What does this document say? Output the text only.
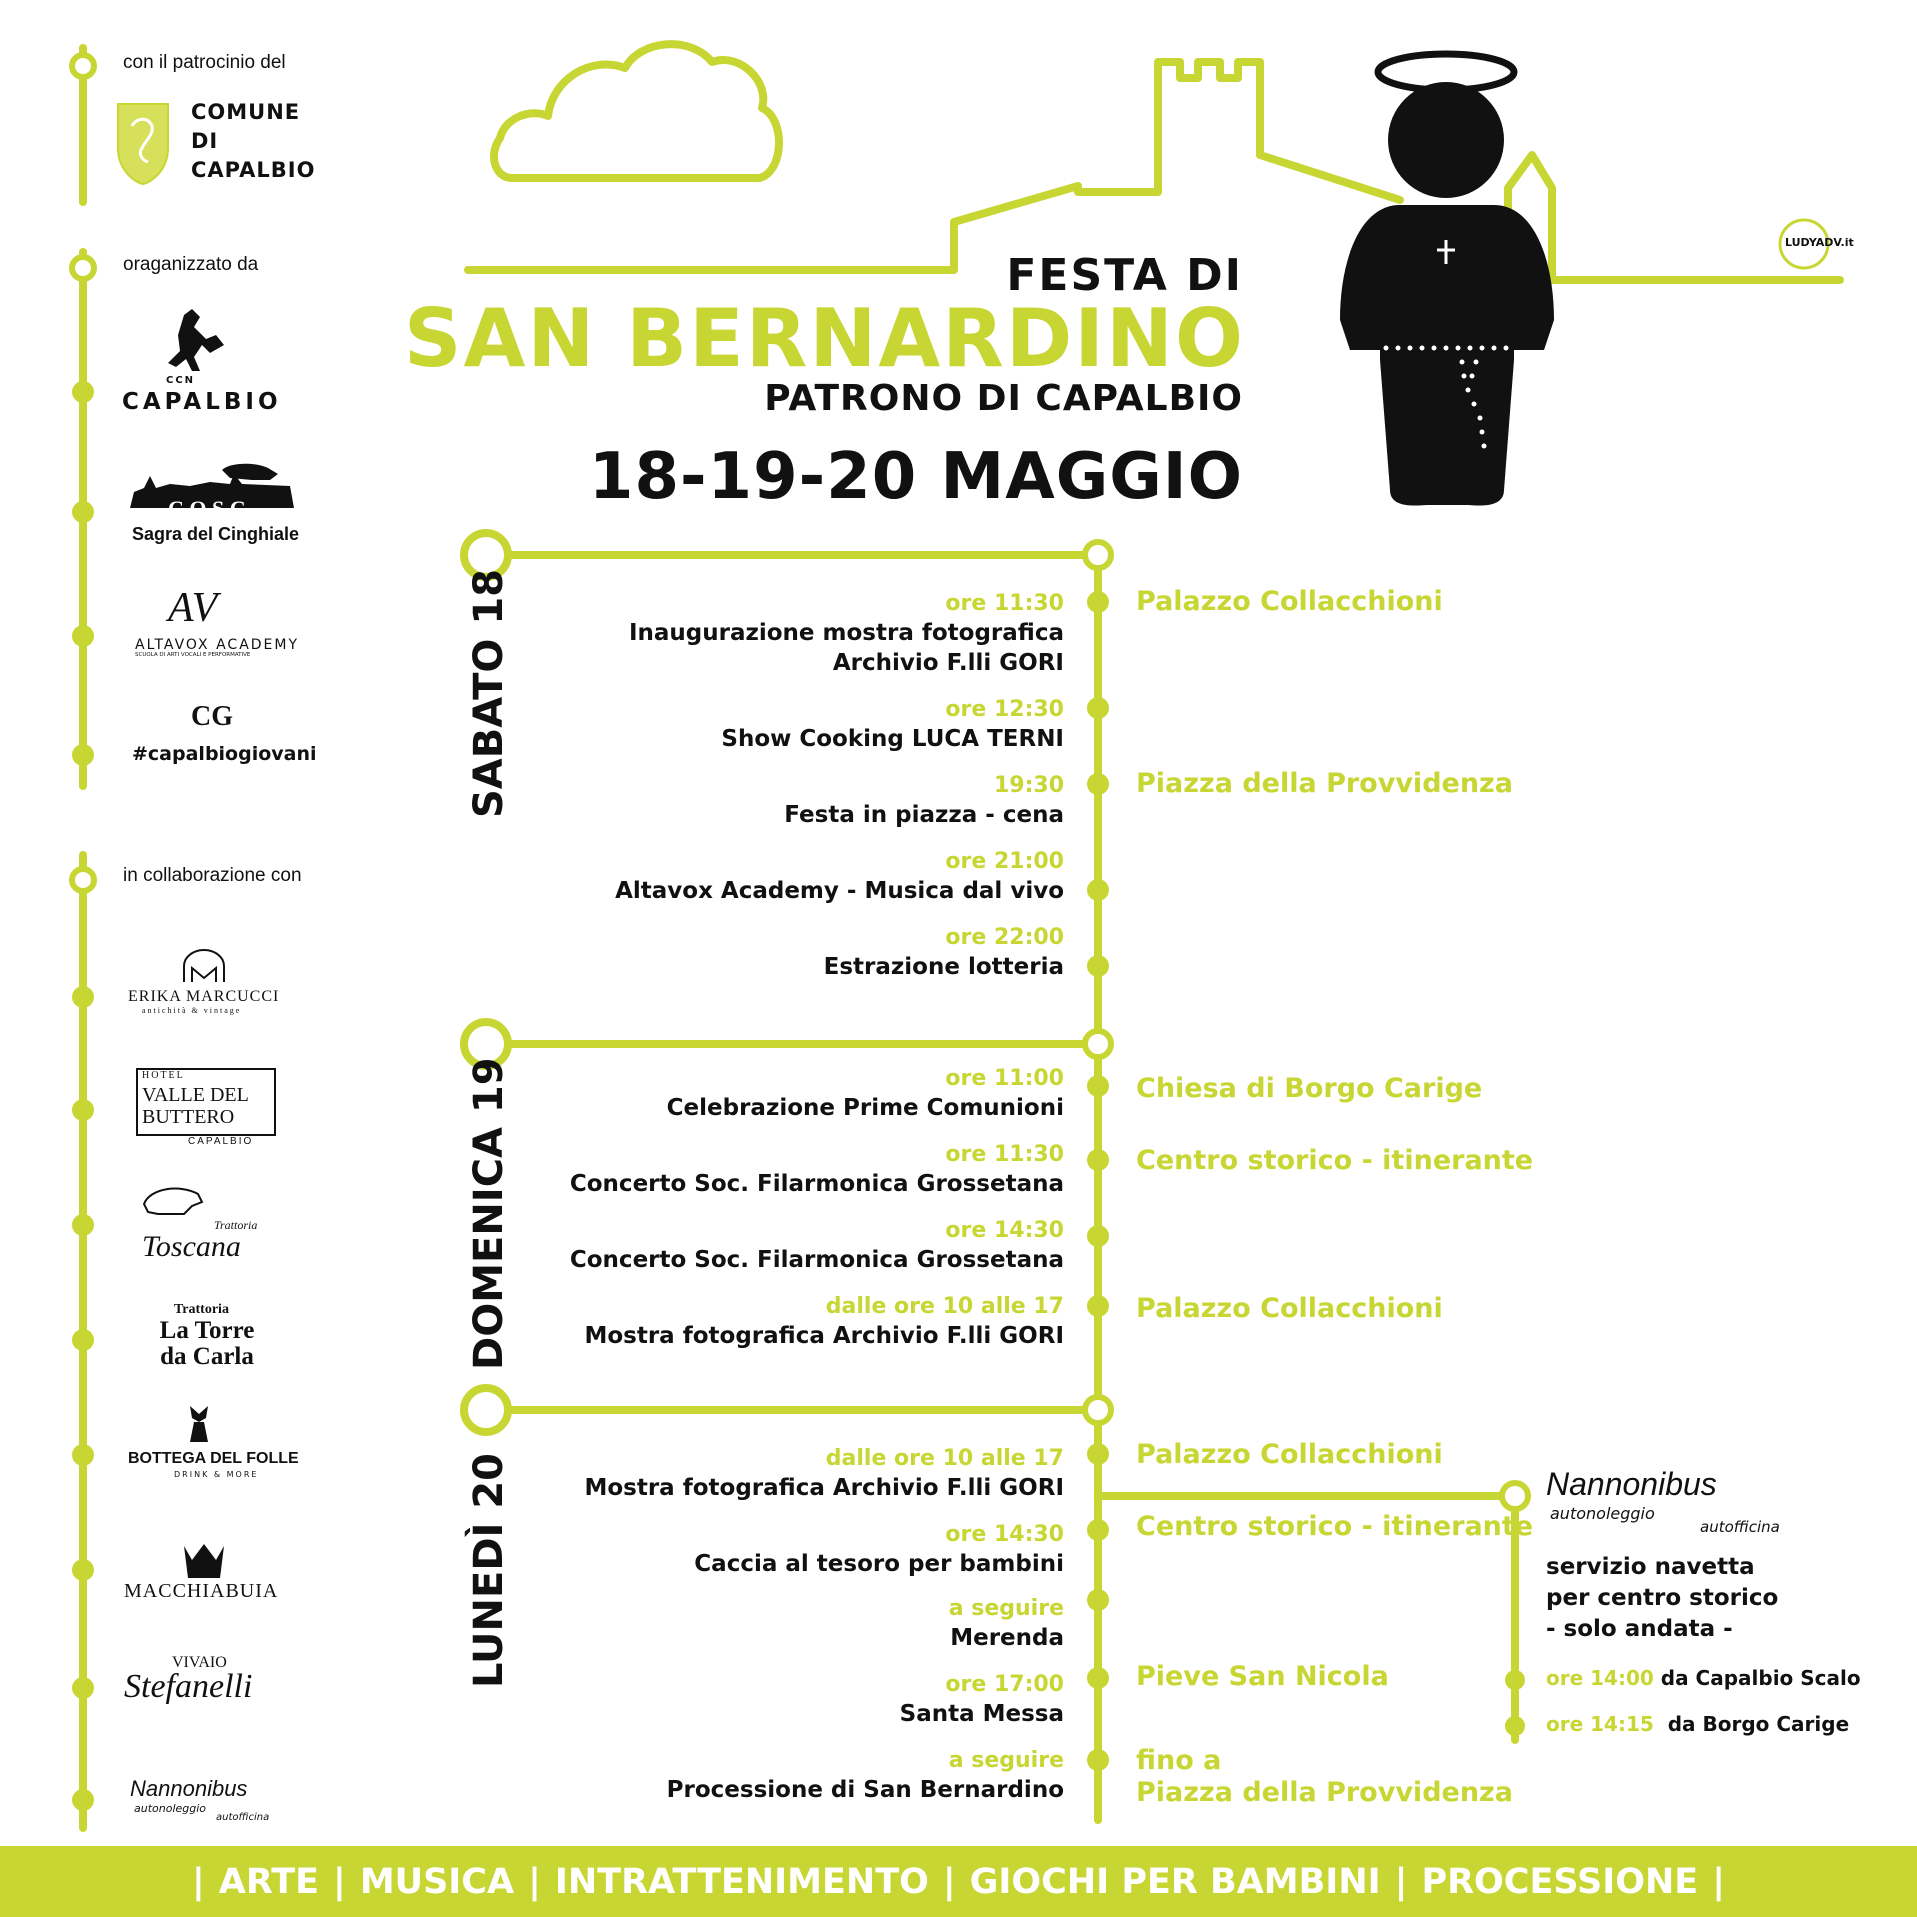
con il patrocinio del
COMUNE
DI
CAPALBIO
oraganizzato da
CCN
CAPALBIO
C.O.S.C
Sagra del Cinghiale
AV
ALTAVOX ACADEMY
SCUOLA DI ARTI VOCALI E PERFORMATIVE
CG
#capalbiogiovani
in collaborazione con
ERIKA MARCUCCI
antichità & vintage
HOTEL
VALLE DEL
BUTTERO
CAPALBIO
Trattoria
Toscana
Trattoria
La Torre
da Carla
BOTTEGA DEL FOLLE
DRINK & MORE
MACCHIABUIA
VIVAIO
Stefanelli
Nannonibus
autonoleggio
autofficina
FESTA DI
SAN BERNARDINO
PATRONO DI CAPALBIO
18-19-20 MAGGIO
LUDYADV.it
SABATO 18
DOMENICA 19
LUNEDÌ 20
ore 11:30
Inaugurazione mostra fotografica
Archivio F.lli GORI
ore 12:30
Show Cooking LUCA TERNI
19:30
Festa in piazza - cena
ore 21:00
Altavox Academy - Musica dal vivo
ore 22:00
Estrazione lotteria
Palazzo Collacchioni
Piazza della Provvidenza
ore 11:00
Celebrazione Prime Comunioni
ore 11:30
Concerto Soc. Filarmonica Grossetana
ore 14:30
Concerto Soc. Filarmonica Grossetana
dalle ore 10 alle 17
Mostra fotografica Archivio F.lli GORI
Chiesa di Borgo Carige
Centro storico - itinerante
Palazzo Collacchioni
dalle ore 10 alle 17
Mostra fotografica Archivio F.lli GORI
ore 14:30
Caccia al tesoro per bambini
a seguire
Merenda
ore 17:00
Santa Messa
a seguire
Processione di San Bernardino
Palazzo Collacchioni
Centro storico - itinerante
Pieve San Nicola
fino a
Piazza della Provvidenza
Nannonibus
autonoleggio
autofficina
servizio navetta
per centro storico
- solo andata -
ore 14:00 da Capalbio Scalo
ore 14:15 da Borgo Carige
| ARTE | MUSICA | INTRATTENIMENTO | GIOCHI PER BAMBINI | PROCESSIONE |
